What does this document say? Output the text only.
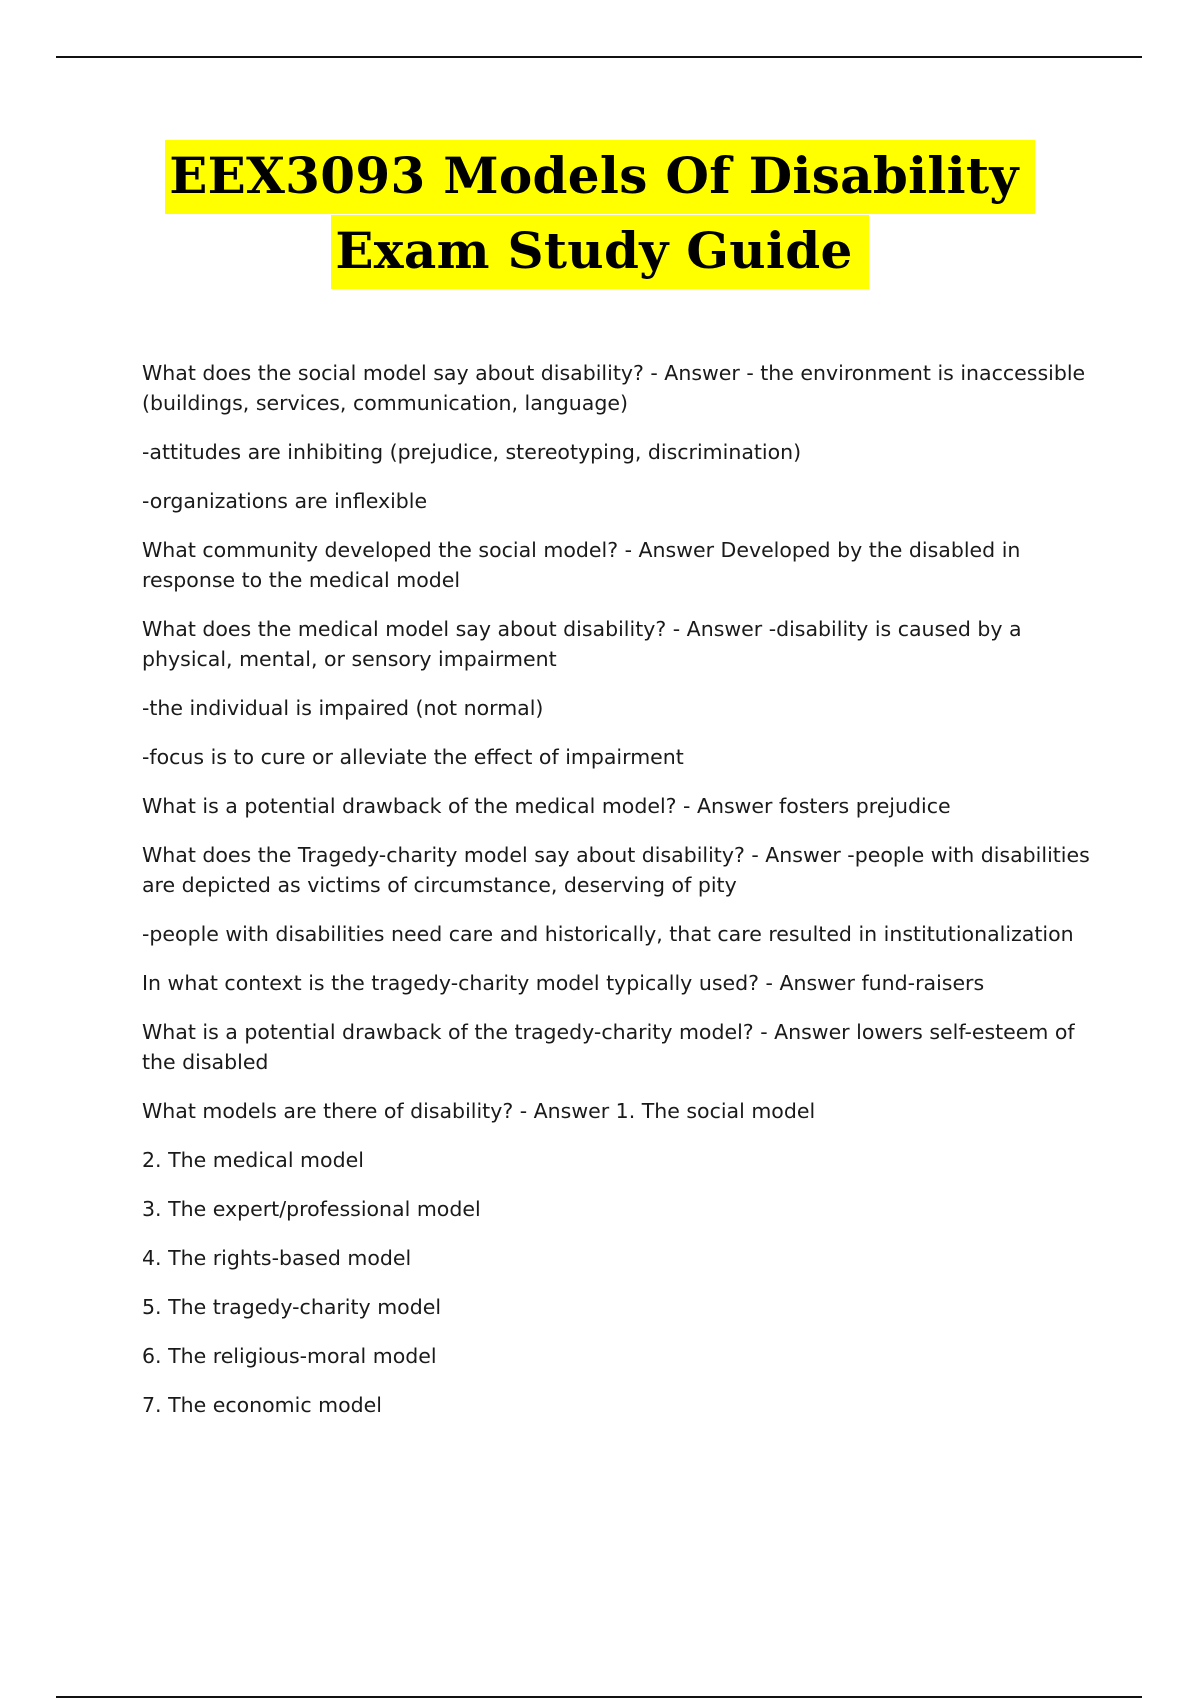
EEX3093 Models Of Disability
Exam Study Guide

What does the social model say about disability? - Answer - the environment is inaccessible (buildings, services, communication, language)

-attitudes are inhibiting (prejudice, stereotyping, discrimination)

-organizations are inflexible

What community developed the social model? - Answer Developed by the disabled in response to the medical model

What does the medical model say about disability? - Answer -disability is caused by a physical, mental, or sensory impairment

-the individual is impaired (not normal)

-focus is to cure or alleviate the effect of impairment

What is a potential drawback of the medical model? - Answer fosters prejudice

What does the Tragedy-charity model say about disability? - Answer -people with disabilities are depicted as victims of circumstance, deserving of pity

-people with disabilities need care and historically, that care resulted in institutionalization

In what context is the tragedy-charity model typically used? - Answer fund-raisers

What is a potential drawback of the tragedy-charity model? - Answer lowers self-esteem of the disabled

What models are there of disability? - Answer 1. The social model

2. The medical model

3. The expert/professional model

4. The rights-based model

5. The tragedy-charity model

6. The religious-moral model

7. The economic model
